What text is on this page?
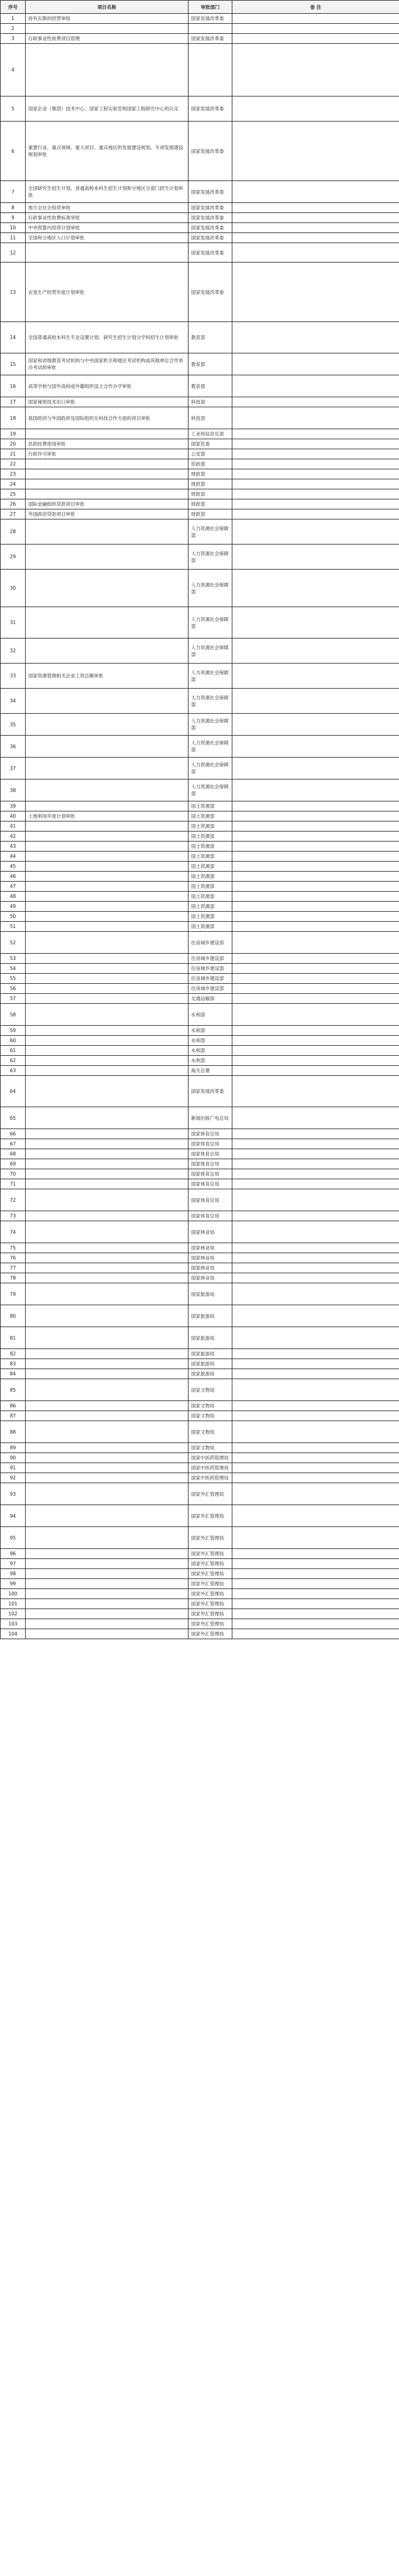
序号	项目名称	审批部门	备 注
1	持有瓦斯的经营审批	国家发展改革委	
2			
3	行政事业性收费项目管理	国家发展改革委	
4			
5	国家企业（集团）技术中心、国家工程实验室和国家工程研究中心的认定	国家发展改革委	
6	重要行业、重点领域、重大项目、重点地区的发展建设规划、专项发展建设规划审批	国家发展改革委	
7	全国研究生招生计划、普通高校本科生招生计划和分地区分部门招生计划审批	国家发展改革委	
8	地方全社会投资审批	国家发展改革委	
9	行政事业性收费标准审批	国家发展改革委	
10	中央预算内投资计划审批	国家发展改革委	
11	全国和分地区人口计划审批	国家发展改革委	
12		国家发展改革委	
13	农垦生产经营年度计划审批	国家发展改革委	
14	全国普通高校本科生专业设置计划、研究生招生计划分学科招生计划审批	教育部	
15	国家和省级教育考试机构与中央国家机关和地区考试机构或其他单位合作举办考试的审批	教育部	
16	高等学校与国外高校或外籍组织设立合作办学审批	教育部	
17	国家秘密技术出口审批	科技部	
18	我国政府与外国政府及国际组织在科技合作方面的项目审批	科技部	
19		工业和信息化部	
20	民政经费使用审批	国家民委	
21	行政许可审批	公安部	
22		民政部	
23		财政部	
24		财政部	
25		财政部	
26	国际金融组织贷款项目审批	财政部	
27	外国政府贷款项目审批	财政部	
28		人力资源社会保障部	
29		人力资源社会保障部	
30		人力资源社会保障部	
31		人力资源社会保障部	
32		人力资源社会保障部	
33	国家资源管理相关企业工资总额审批	人力资源社会保障部	
34		人力资源社会保障部	
35		人力资源社会保障部	
36		人力资源社会保障部	
37		人力资源社会保障部	
38		人力资源社会保障部	
39		国土资源部	
40	土地利用年度计划审批	国土资源部	
41		国土资源部	
42		国土资源部	
43		国土资源部	
44		国土资源部	
45		国土资源部	
46		国土资源部	
47		国土资源部	
48		国土资源部	
49		国土资源部	
50		国土资源部	
51		国土资源部	
52		住房城乡建设部	
53		住房城乡建设部	
54		住房城乡建设部	
55		住房城乡建设部	
56		住房城乡建设部	
57		交通运输部	
58		水利部	
59		水利部	
60		水利部	
61		水利部	
62		水利部	
63		海关总署	
64		国家发展改革委	
65		新闻出版广电总局	
66		国家体育总局	
67		国家体育总局	
68		国家体育总局	
69		国家体育总局	
70		国家体育总局	
71		国家体育总局	
72		国家体育总局	
73		国家体育总局	
74		国家林业局	
75		国家林业局	
76		国家林业局	
77		国家林业局	
78		国家林业局	
79		国家旅游局	
80		国家旅游局	
81		国家旅游局	
82		国家旅游局	
83		国家旅游局	
84		国家旅游局	
85		国家文物局	
86		国家文物局	
87		国家文物局	
88		国家文物局	
89		国家文物局	
90		国家中医药管理局	
91		国家中医药管理局	
92		国家中医药管理局	
93		国家外汇管理局	
94		国家外汇管理局	
95		国家外汇管理局	
96		国家外汇管理局	
97		国家外汇管理局	
98		国家外汇管理局	
99		国家外汇管理局	
100		国家外汇管理局	
101		国家外汇管理局	
102		国家外汇管理局	
103		国家外汇管理局	
104		国家外汇管理局	
